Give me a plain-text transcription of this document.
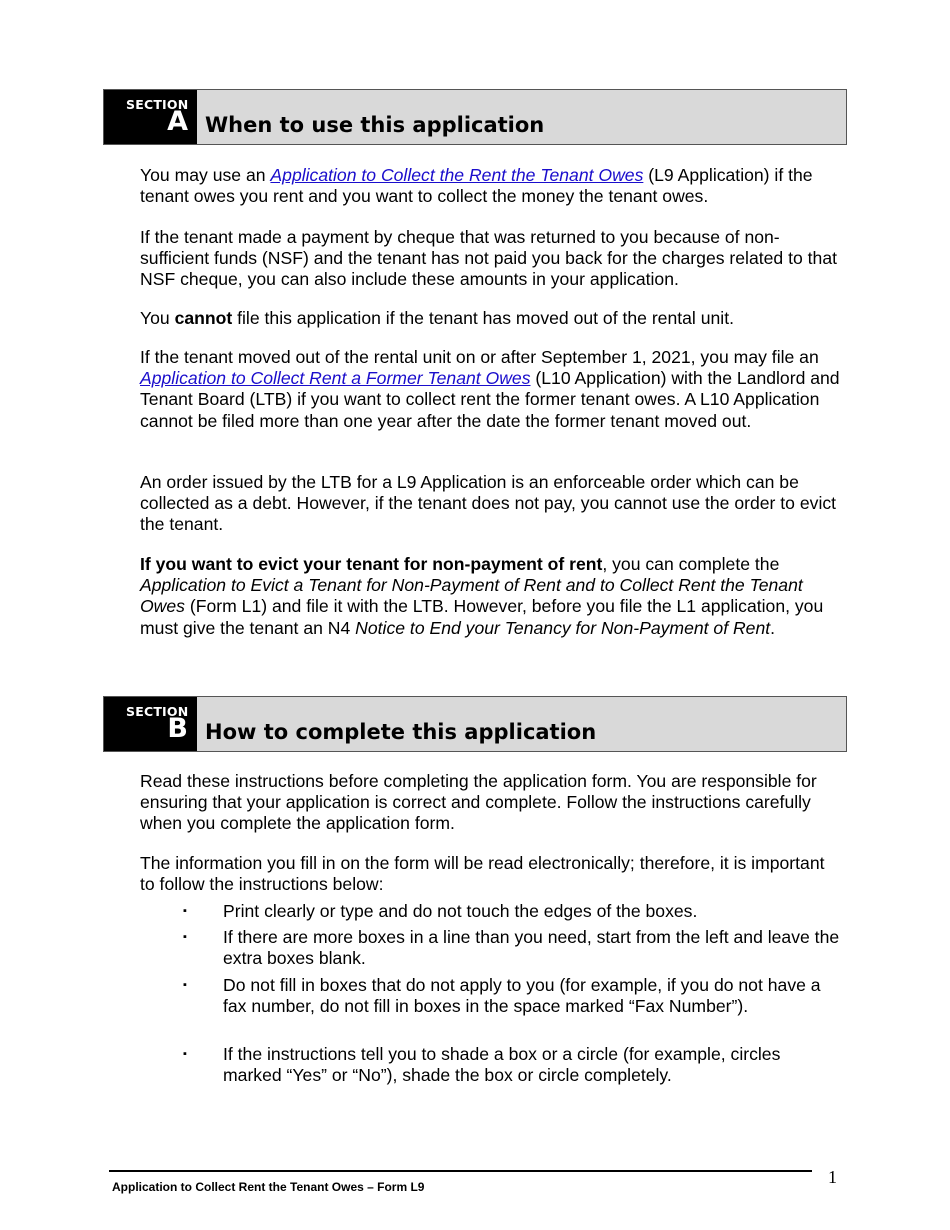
SECTION
A When to use this application

You may use an Application to Collect the Rent the Tenant Owes (L9 Application) if the tenant owes you rent and you want to collect the money the tenant owes.

If the tenant made a payment by cheque that was returned to you because of non-sufficient funds (NSF) and the tenant has not paid you back for the charges related to that NSF cheque, you can also include these amounts in your application.

You cannot file this application if the tenant has moved out of the rental unit.

If the tenant moved out of the rental unit on or after September 1, 2021, you may file an Application to Collect Rent a Former Tenant Owes (L10 Application) with the Landlord and Tenant Board (LTB) if you want to collect rent the former tenant owes. A L10 Application cannot be filed more than one year after the date the former tenant moved out.

An order issued by the LTB for a L9 Application is an enforceable order which can be collected as a debt. However, if the tenant does not pay, you cannot use the order to evict the tenant.

If you want to evict your tenant for non-payment of rent, you can complete the Application to Evict a Tenant for Non-Payment of Rent and to Collect Rent the Tenant Owes (Form L1) and file it with the LTB. However, before you file the L1 application, you must give the tenant an N4 Notice to End your Tenancy for Non-Payment of Rent.

SECTION
B How to complete this application

Read these instructions before completing the application form. You are responsible for ensuring that your application is correct and complete. Follow the instructions carefully when you complete the application form.

The information you fill in on the form will be read electronically; therefore, it is important to follow the instructions below:

▪ Print clearly or type and do not touch the edges of the boxes.
▪ If there are more boxes in a line than you need, start from the left and leave the extra boxes blank.
▪ Do not fill in boxes that do not apply to you (for example, if you do not have a fax number, do not fill in boxes in the space marked “Fax Number”).
▪ If the instructions tell you to shade a box or a circle (for example, circles marked “Yes” or “No”), shade the box or circle completely.
Application to Collect Rent the Tenant Owes – Form L9	1
